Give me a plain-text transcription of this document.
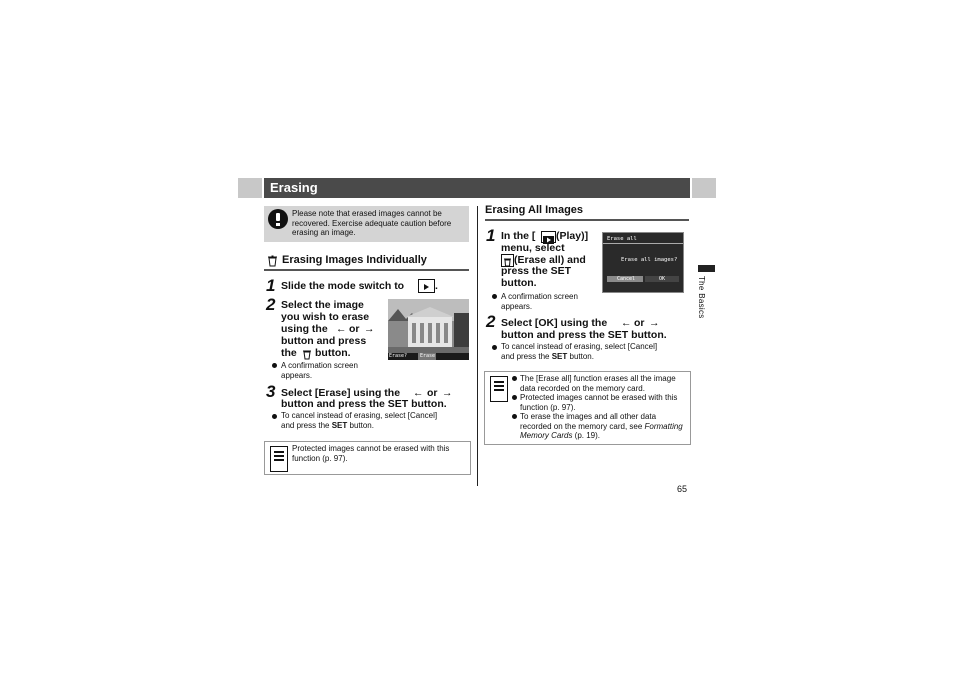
Erasing
Please note that erased images cannot be recovered. Exercise adequate caution before erasing an image.
Erasing Images Individually
1 Slide the mode switch to	.
2 Select the image
you wish to erase
using the ← or →
button and press
the button.	Erase?	Erase
A confirmation screen appears.
3 Select [Erase] using the ← or →
button and press the SET button.
To cancel instead of erasing, select [Cancel]
and press the SET button.
Protected images cannot be erased with this function (p. 97).
Erasing All Images
1 In the [ (Play)]
menu, select
(Erase all) and
press the SET
button.
Erase all
Erase all images?
Cancel	OK
A confirmation screen appears.
2 Select [OK] using the ← or →
button and press the SET button.
To cancel instead of erasing, select [Cancel]
and press the SET button.
The [Erase all] function erases all the image data recorded on the memory card.
Protected images cannot be erased with this function (p. 97).
To erase the images and all other data recorded on the memory card, see Formatting Memory Cards (p. 19).
The Basics
65
